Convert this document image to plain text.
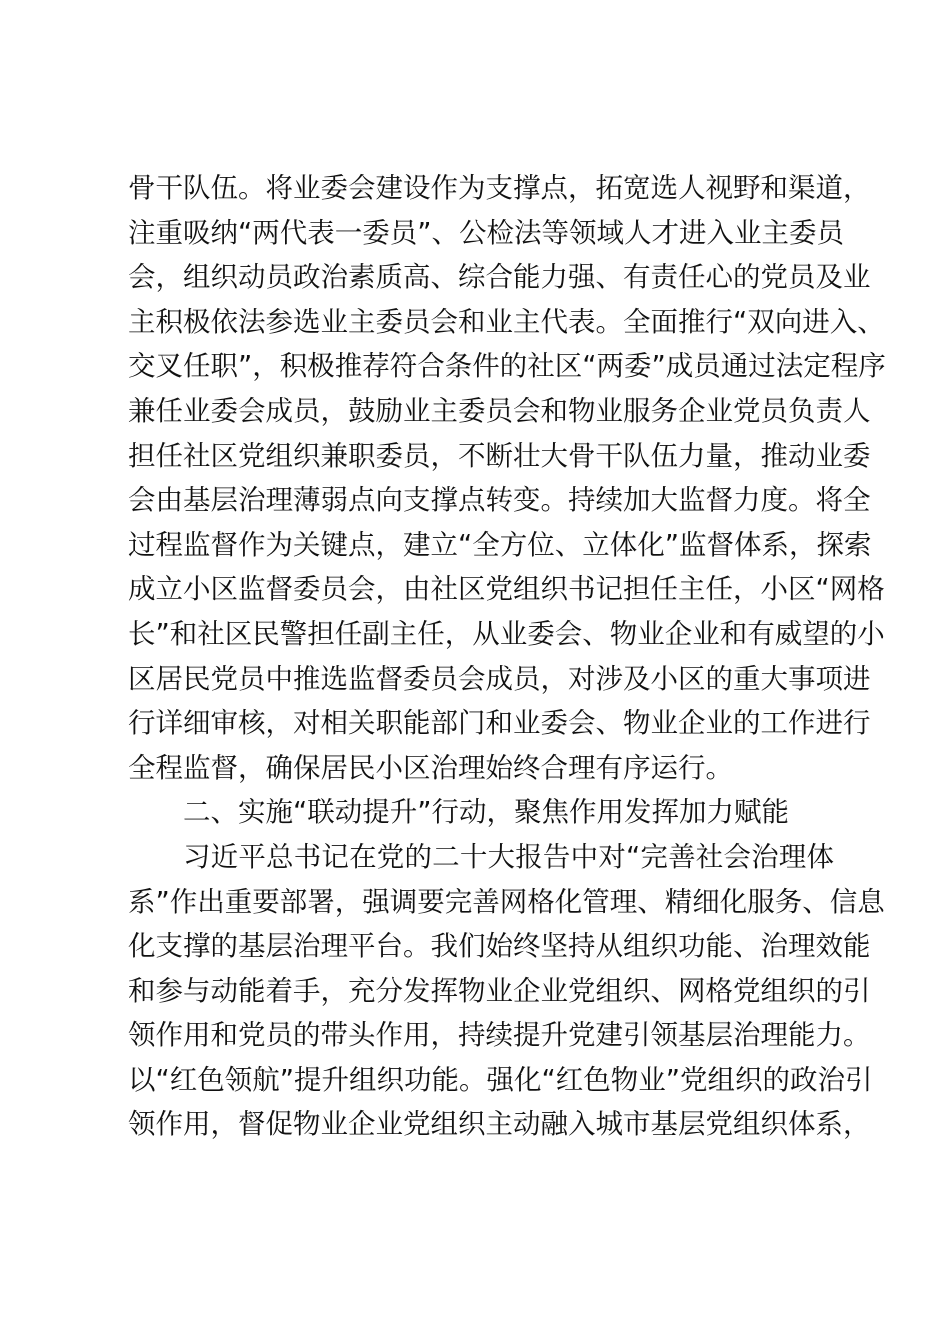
骨干队伍。将业委会建设作为支撑点，拓宽选人视野和渠道，
注重吸纳“两代表一委员”、公检法等领域人才进入业主委员
会，组织动员政治素质高、综合能力强、有责任心的党员及业
主积极依法参选业主委员会和业主代表。全面推行“双向进入、
交叉任职”，积极推荐符合条件的社区“两委”成员通过法定程序
兼任业委会成员，鼓励业主委员会和物业服务企业党员负责人
担任社区党组织兼职委员，不断壮大骨干队伍力量，推动业委
会由基层治理薄弱点向支撑点转变。持续加大监督力度。将全
过程监督作为关键点，建立“全方位、立体化”监督体系，探索
成立小区监督委员会，由社区党组织书记担任主任，小区“网格
长”和社区民警担任副主任，从业委会、物业企业和有威望的小
区居民党员中推选监督委员会成员，对涉及小区的重大事项进
行详细审核，对相关职能部门和业委会、物业企业的工作进行
全程监督，确保居民小区治理始终合理有序运行。
二、实施“联动提升”行动，聚焦作用发挥加力赋能
习近平总书记在党的二十大报告中对“完善社会治理体
系”作出重要部署，强调要完善网格化管理、精细化服务、信息
化支撑的基层治理平台。我们始终坚持从组织功能、治理效能
和参与动能着手，充分发挥物业企业党组织、网格党组织的引
领作用和党员的带头作用，持续提升党建引领基层治理能力。
以“红色领航”提升组织功能。强化“红色物业”党组织的政治引
领作用，督促物业企业党组织主动融入城市基层党组织体系，
